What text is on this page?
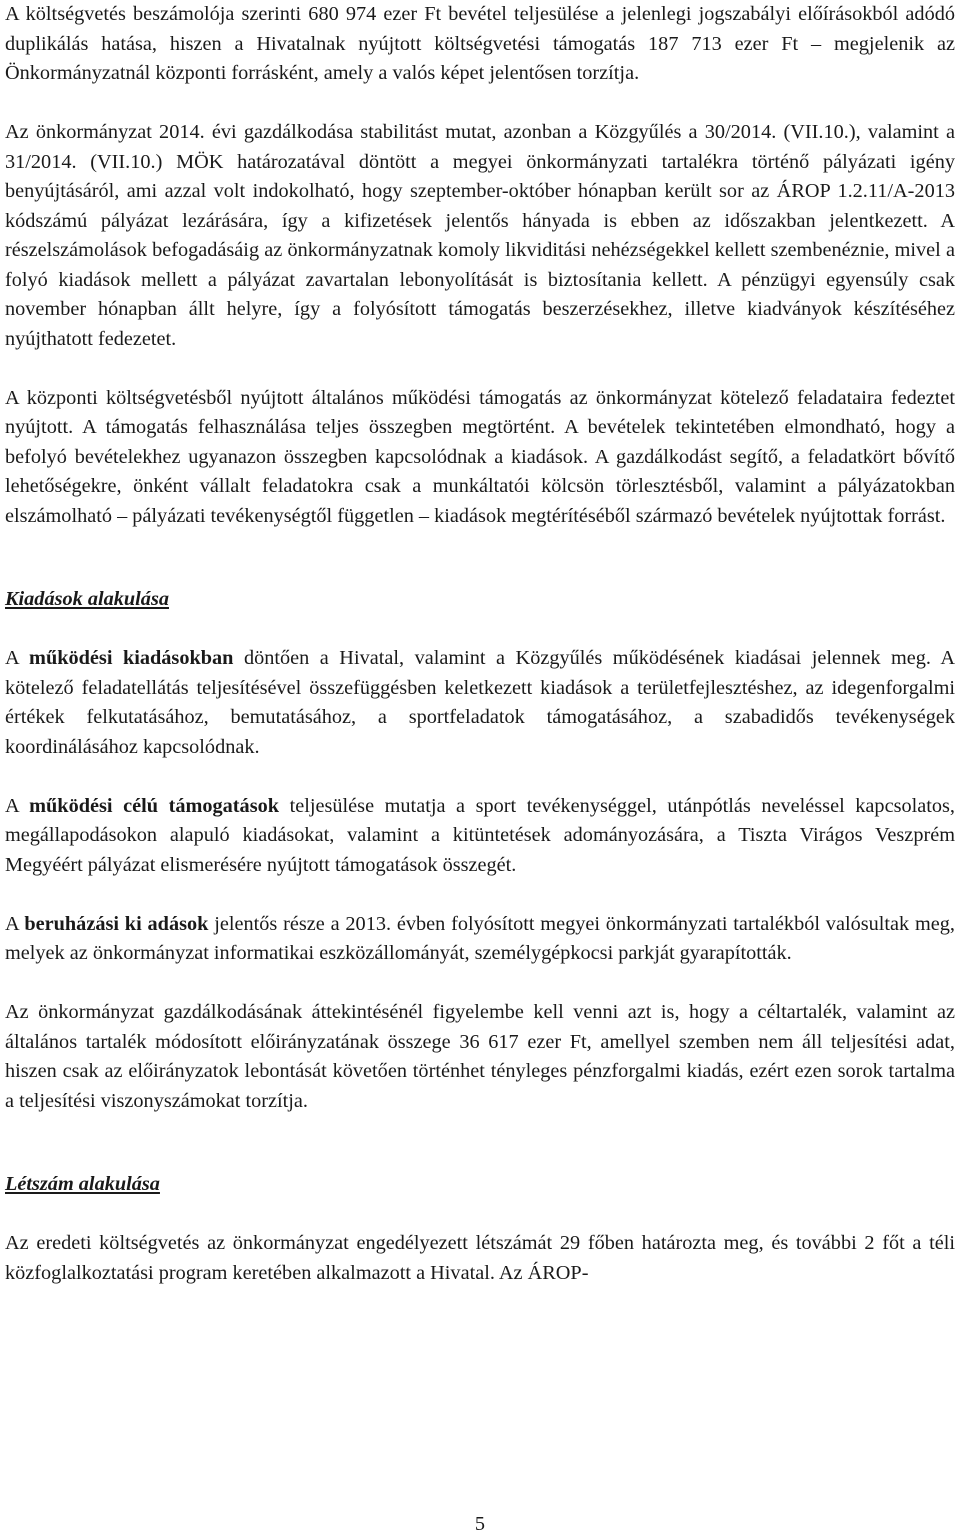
A költségvetés beszámolója szerinti 680 974 ezer Ft bevétel teljesülése a jelenlegi jogszabályi előírásokból adódó duplikálás hatása, hiszen a Hivatalnak nyújtott költségvetési támogatás 187 713 ezer Ft – megjelenik az Önkormányzatnál központi forrásként, amely a valós képet jelentősen torzítja.

Az önkormányzat 2014. évi gazdálkodása stabilitást mutat, azonban a Közgyűlés a 30/2014. (VII.10.), valamint a 31/2014. (VII.10.) MÖK határozatával döntött a megyei önkormányzati tartalékra történő pályázati igény benyújtásáról, ami azzal volt indokolható, hogy szeptember-október hónapban került sor az ÁROP 1.2.11/A-2013 kódszámú pályázat lezárására, így a kifizetések jelentős hányada is ebben az időszakban jelentkezett. A részelszámolások befogadásáig az önkormányzatnak komoly likviditási nehézségekkel kellett szembenéznie, mivel a folyó kiadások mellett a pályázat zavartalan lebonyolítását is biztosítania kellett. A pénzügyi egyensúly csak november hónapban állt helyre, így a folyósított támogatás beszerzésekhez, illetve kiadványok készítéséhez nyújthatott fedezetet.

A központi költségvetésből nyújtott általános működési támogatás az önkormányzat kötelező feladataira fedeztet nyújtott. A támogatás felhasználása teljes összegben megtörtént. A bevételek tekintetében elmondható, hogy a befolyó bevételekhez ugyanazon összegben kapcsolódnak a kiadások. A gazdálkodást segítő, a feladatkört bővítő lehetőségekre, önként vállalt feladatokra csak a munkáltatói kölcsön törlesztésből, valamint a pályázatokban elszámolható – pályázati tevékenységtől független – kiadások megtérítéséből származó bevételek nyújtottak forrást.

Kiadások alakulása

A működési kiadásokban döntően a Hivatal, valamint a Közgyűlés működésének kiadásai jelennek meg. A kötelező feladatellátás teljesítésével összefüggésben keletkezett kiadások a területfejlesztéshez, az idegenforgalmi értékek felkutatásához, bemutatásához, a sportfeladatok támogatásához, a szabadidős tevékenységek koordinálásához kapcsolódnak.

A működési célú támogatások teljesülése mutatja a sport tevékenységgel, utánpótlás neveléssel kapcsolatos, megállapodásokon alapuló kiadásokat, valamint a kitüntetések adományozására, a Tiszta Virágos Veszprém Megyéért pályázat elismerésére nyújtott támogatások összegét.

A beruházási ki adások jelentős része a 2013. évben folyósított megyei önkormányzati tartalékból valósultak meg, melyek az önkormányzat informatikai eszközállományát, személygépkocsi parkját gyarapították.

Az önkormányzat gazdálkodásának áttekintésénél figyelembe kell venni azt is, hogy a céltartalék, valamint az általános tartalék módosított előirányzatának összege 36 617 ezer Ft, amellyel szemben nem áll teljesítési adat, hiszen csak az előirányzatok lebontását követően történhet tényleges pénzforgalmi kiadás, ezért ezen sorok tartalma a teljesítési viszonyszámokat torzítja.

Létszám alakulása

Az eredeti költségvetés az önkormányzat engedélyezett létszámát 29 főben határozta meg, és további 2 főt a téli közfoglalkoztatási program keretében alkalmazott a Hivatal. Az ÁROP-

5
